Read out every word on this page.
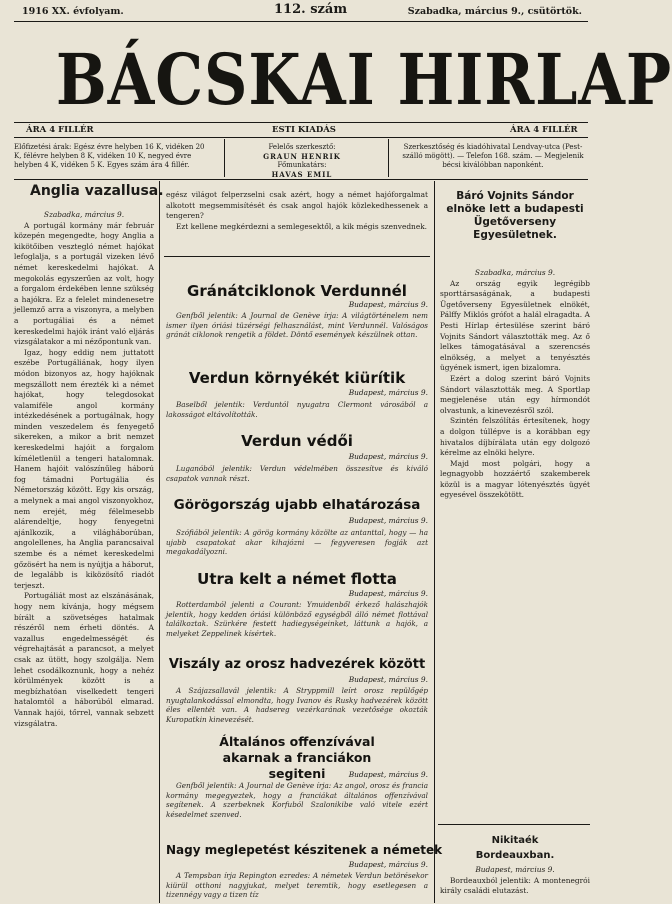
1916 XX. évfolyam.	112. szám	Szabadka, március 9., csütörtök.
BÁCSKAI HIRLAP
ÁRA 4 FILLÉR	ESTI KIADÁS	ÁRA 4 FILLÉR
Előfizetési árak: Egész évre helyben 16 K, vidéken 20 K, félévre helyben 8 K, vidéken 10 K, negyed évre helyben 4 K, vidéken 5 K. Egyes szám ára 4 fillér.
Felelős szerkesztő:
GRAUN HENRIK
Főmunkatárs:
HAVAS EMIL
Szerkesztőség és kiadóhivatal Lendvay-utca (Pest-szálló mögött). — Telefon 168. szám. — Megjelenik bécsi kiválóbban naponként.
Anglia vazallusa.

Szabadka, március 9.

A portugál kormány már február közepén megengedte, hogy Anglia a kikötőiben vesztegló német hajókat lefoglalja, s a portugál vizeken lévő német kereskedelmi hajókat. A megokolás egyszerűen az volt, hogy a forgalom érdekében lenne szükség a hajókra. Ez a felelet mindenesetre jellemző arra a viszonyra, a melyben a portugáliai és a német kereskedelmi hajók iránt való eljárás vizsgálatakor a mi nézőpontunk van.

Igaz, hogy eddig nem juttatott eszébe Portugáliának, hogy ilyen módon bizonyos az, hogy hajóknak megszállott nem érezték ki a német hajókat, hogy telegdosokat valamiféle angol kormány intézkedésének a portugálnak, hogy minden veszedelem és fenyegető sikereken, a mikor a brit nemzet kereskedelmi hajóit a forgalom kíméletlenül a tengeri hatalomnak. Hanem hajóit valószínűleg háború fog támadni Portugália és Németország között. Egy kis ország, a melynek a mai angol viszonyokhoz, nem erejét, még félelmesebb alárendeltje, hogy fenyegetni ajánlkozik, a világháborúban, angolellenes, ha Anglia parancsaival szembe és a német kereskedelmi gőzösért ha nem is nyújtja a háborut, de legalább is kiközösítő riadót terjeszt.

Portugáliát most az elszánásának, hogy nem kívánja, hogy mégsem bírált a szövetséges hatalmak részéről nem érheti döntés. A vazallus engedelmességét és végrehajtását a parancsot, a melyet csak az ütött, hogy szolgálja. Nem lehet csodálkoznunk, hogy a nehéz körülmények között is a megbízhatóan viselkedett tengeri hatalomtól a háborúból elmarad. Vannak hajói, tőrrel, vannak sebzett vizsgálatra.

egész világot felperzselni csak azért, hogy a német hajóforgalmat alkotott megsemmisítését és csak angol hajók közlekedhessenek a tengeren?

Ezt kellene megkérdezni a semlegesektől, a kik mégis szenvednek.

Gránátciklonok Verdunnél
Budapest, március 9.
Genfből jelentik: A Journal de Genève írja: A világtörténelem nem ismer ilyen óriási tüzérségi felhasználást, mint Verdunnél. Valóságos gránát ciklonok rengetik a földet. Döntő események készülnek ottan.
Verdun környékét kiürítik
Budapest, március 9.
Baselből jelentik: Verduntól nyugatra Clermont városából a lakosságot eltávolították.
Verdun védői
Budapest, március 9.
Luganóból jelentik: Verdun védelmében összesítve és kiváló csapatok vannak részt.
Görögország ujabb elhatározása
Budapest, március 9.
Szófiából jelentik: A görög kormány közölte az antanttal, hogy — ha ujabb csapatokat akar kihajózni — fegyveresen fogják azt megakadályozni.
Utra kelt a német flotta
Budapest, március 9.
Rotterdamból jelenti a Courant: Ymuidenből érkező halászhajók jelentik, hogy kedden óriási különböző egységből álló német flottával találkoztak. Szürkére festett hadiegységeinket, láttunk a hajók, a melyeket Zeppelinek kísértek.
Viszály az orosz hadvezérek között
Budapest, március 9.
A Szájazsallavál jelentik: A Stryppmill leírt orosz repülőgép nyugtalankodással elmondta, hogy Ivanov és Rusky hadvezérek között éles ellentét van. A hadsereg vezérkarának vezetősége okozták Kuropatkin kinevezését.
Általános offenzívával akarnak a franciákon segiteni	Budapest, március 9.
Genfből jelentik: A Journal de Genève írja: Az angol, orosz és francia kormány megegyeztek, hogy a franciákat általános offenzívával segítenek. A szerbeknek Korfuból Szalonikibe való vitele ezért késedelmet szenved.
Nagy meglepetést készitenek a németek
Budapest, március 9.
A Tempsban írja Repington ezredes: A németek Verdun betörésekor kiürül otthoni nagyjukat, melyet teremtik, hogy esetlegesen a tizennégy vagy a tizen tíz
Báró Vojnits Sándor elnöke lett a budapesti Ügetőverseny Egyesületnek.

Szabadka, március 9.

Az ország egyik legrégibb sporttársaságának, a budapesti Ügetőverseny Egyesületnek elnökét, Pálffy Miklós grófot a halál elragadta. A Pesti Hírlap értesülése szerint báró Vojnits Sándort választották meg. Az ő lelkes támogatásával a szerencsés elnökség, a melyet a tenyésztés ügyének ismert, igen bizalomra.

Ezért a dolog szerint báró Vojnits Sándort választották meg. A Sportlap megjelenése után egy hírmondót olvastunk, a kinevezésről szól.

Szintén felszólítás értesítenek, hogy a dolgon túllépve is a korábban egy hivatalos díjbírálata után egy dolgozó kérelme az elnöki helyre.

Majd most polgári, hogy a legnagyobb hozzáértő szakemberek közül is a magyar lótenyésztés ügyét egyesével összekötött.

Nikitaék
Bordeauxban.

Budapest, március 9.

Bordeauxból jelentik: A montenegrói király családi elutazást.
